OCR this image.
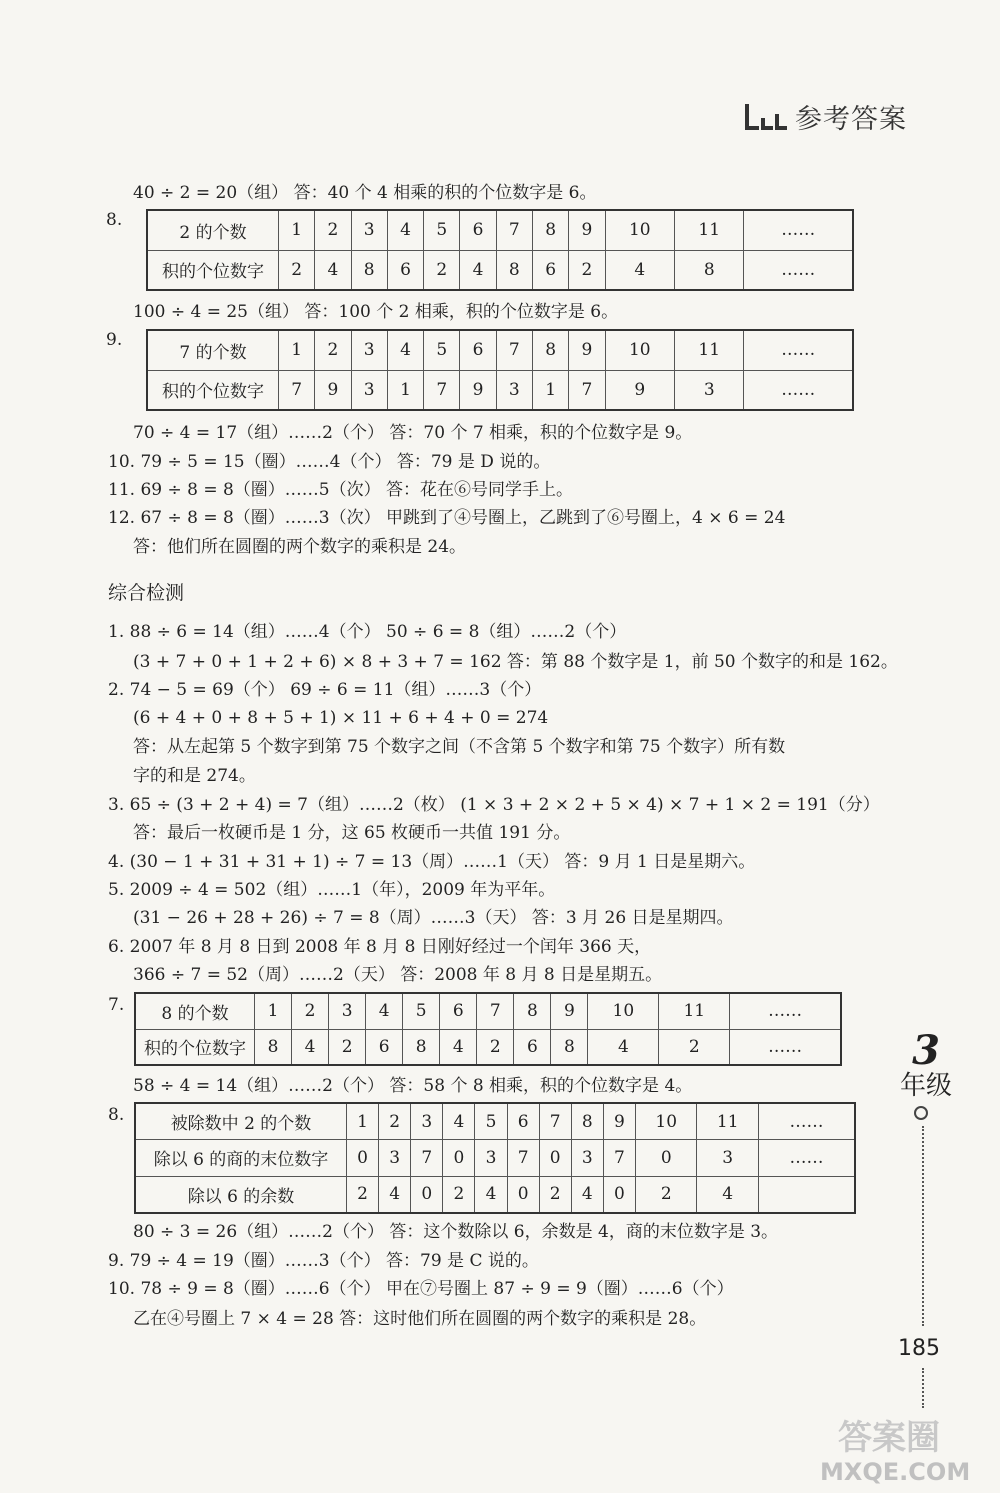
参考答案
40 ÷ 2 = 20（组） 答：40 个 4 相乘的积的个位数字是 6。
8.
2 的个数	1	2	3	4	5	6	7	8	9	10	11	……
积的个位数字	2	4	8	6	2	4	8	6	2	4	8	……
100 ÷ 4 = 25（组） 答：100 个 2 相乘，积的个位数字是 6。
9.
7 的个数	1	2	3	4	5	6	7	8	9	10	11	……
积的个位数字	7	9	3	1	7	9	3	1	7	9	3	……
70 ÷ 4 = 17（组）……2（个） 答：70 个 7 相乘，积的个位数字是 9。
10. 79 ÷ 5 = 15（圈）……4（个） 答：79 是 D 说的。
11. 69 ÷ 8 = 8（圈）……5（次） 答：花在⑥号同学手上。
12. 67 ÷ 8 = 8（圈）……3（次） 甲跳到了④号圈上，乙跳到了⑥号圈上，4 × 6 = 24
答：他们所在圆圈的两个数字的乘积是 24。
综合检测
1. 88 ÷ 6 = 14（组）……4（个） 50 ÷ 6 = 8（组）……2（个）
(3 + 7 + 0 + 1 + 2 + 6) × 8 + 3 + 7 = 162 答：第 88 个数字是 1，前 50 个数字的和是 162。
2. 74 − 5 = 69（个） 69 ÷ 6 = 11（组）……3（个）
(6 + 4 + 0 + 8 + 5 + 1) × 11 + 6 + 4 + 0 = 274
答：从左起第 5 个数字到第 75 个数字之间（不含第 5 个数字和第 75 个数字）所有数
字的和是 274。
3. 65 ÷ (3 + 2 + 4) = 7（组）……2（枚） (1 × 3 + 2 × 2 + 5 × 4) × 7 + 1 × 2 = 191（分）
答：最后一枚硬币是 1 分，这 65 枚硬币一共值 191 分。
4. (30 − 1 + 31 + 31 + 1) ÷ 7 = 13（周）……1（天） 答：9 月 1 日是星期六。
5. 2009 ÷ 4 = 502（组）……1（年），2009 年为平年。
(31 − 26 + 28 + 26) ÷ 7 = 8（周）……3（天） 答：3 月 26 日是星期四。
6. 2007 年 8 月 8 日到 2008 年 8 月 8 日刚好经过一个闰年 366 天，
366 ÷ 7 = 52（周）……2（天） 答：2008 年 8 月 8 日是星期五。
7. 8 的个数	1	2	3	4	5	6	7	8	9	10	11	……
积的个位数字	8	4	2	6	8	4	2	6	8	4	2	……
58 ÷ 4 = 14（组）……2（个） 答：58 个 8 相乘，积的个位数字是 4。
8.	被除数中 2 的个数	1	2	3	4	5	6	7	8	9	10	11	……
除以 6 的商的末位数字	0	3	7	0	3	7	0	3	7	0	3	……
除以 6 的余数	2	4	0	2	4	0	2	4	0	2	4	
80 ÷ 3 = 26（组）……2（个） 答：这个数除以 6，余数是 4，商的末位数字是 3。
9. 79 ÷ 4 = 19（圈）……3（个） 答：79 是 C 说的。
10. 78 ÷ 9 = 8（圈）……6（个） 甲在⑦号圈上 87 ÷ 9 = 9（圈）……6（个）
乙在④号圈上 7 × 4 = 28 答：这时他们所在圆圈的两个数字的乘积是 28。
3
年级
185
答案圈
MXQE.COM
